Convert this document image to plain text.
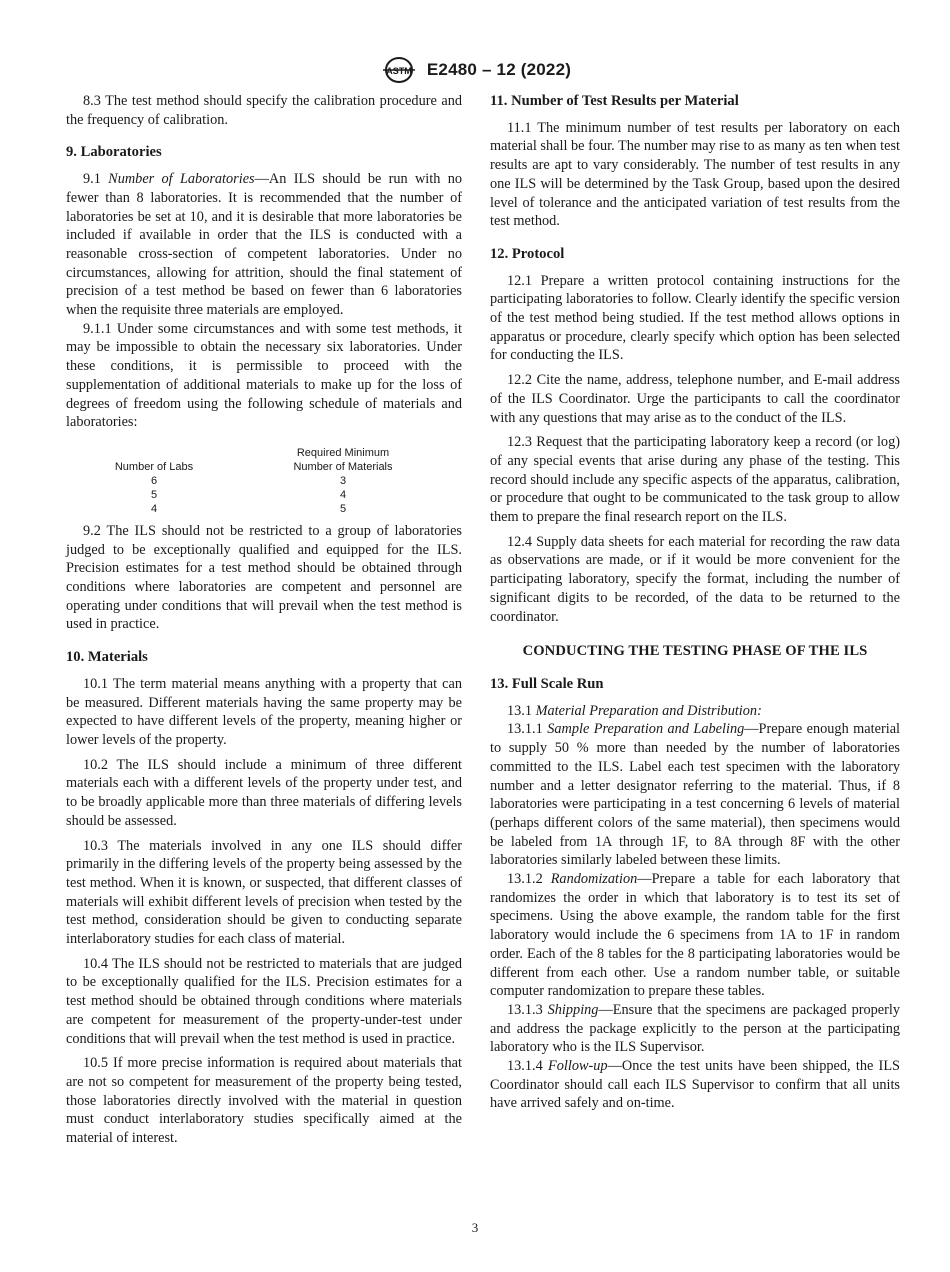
ASTM E2480 – 12 (2022)

8.3 The test method should specify the calibration procedure and the frequency of calibration.

9. Laboratories

9.1 Number of Laboratories—An ILS should be run with no fewer than 8 laboratories. It is recommended that the number of laboratories be set at 10, and it is desirable that more laboratories be included if available in order that the ILS is conducted with a reasonable cross-section of competent laboratories. Under no circumstances, allowing for attrition, should the final statement of precision of a test method be based on fewer than 6 laboratories when the requisite three materials are employed.

9.1.1 Under some circumstances and with some test methods, it may be impossible to obtain the necessary six laboratories. Under these conditions, it is permissible to proceed with the supplementation of additional materials to make up for the loss of degrees of freedom using the following schedule of materials and laboratories:

Number of Labs	Required Minimum
Number of Materials
6	3
5	4
4	5

9.2 The ILS should not be restricted to a group of laboratories judged to be exceptionally qualified and equipped for the ILS. Precision estimates for a test method should be obtained through conditions where laboratories are competent and personnel are operating under conditions that will prevail when the test method is used in practice.

10. Materials

10.1 The term material means anything with a property that can be measured. Different materials having the same property may be expected to have different levels of the property, meaning higher or lower levels of the property.

10.2 The ILS should include a minimum of three different materials each with a different levels of the property under test, and to be broadly applicable more than three materials of differing levels should be assessed.

10.3 The materials involved in any one ILS should differ primarily in the differing levels of the property being assessed by the test method. When it is known, or suspected, that different classes of materials will exhibit different levels of precision when tested by the test method, consideration should be given to conducting separate interlaboratory studies for each class of material.

10.4 The ILS should not be restricted to materials that are judged to be exceptionally qualified for the ILS. Precision estimates for a test method should be obtained through conditions where materials are competent for measurement of the property-under-test under conditions that will prevail when the test method is used in practice.

10.5 If more precise information is required about materials that are not so competent for measurement of the property being tested, those laboratories directly involved with the material in question must conduct interlaboratory studies specifically aimed at the material of interest.

11. Number of Test Results per Material

11.1 The minimum number of test results per laboratory on each material shall be four. The number may rise to as many as ten when test results are apt to vary considerably. The number of test results in any one ILS will be determined by the Task Group, based upon the desired level of tolerance and the anticipated variation of test results from the test method.

12. Protocol

12.1 Prepare a written protocol containing instructions for the participating laboratories to follow. Clearly identify the specific version of the test method being studied. If the test method allows options in apparatus or procedure, clearly specify which option has been selected for conducting the ILS.

12.2 Cite the name, address, telephone number, and E-mail address of the ILS Coordinator. Urge the participants to call the coordinator with any questions that may arise as to the conduct of the ILS.

12.3 Request that the participating laboratory keep a record (or log) of any special events that arise during any phase of the testing. This record should include any specific aspects of the apparatus, calibration, or procedure that ought to be communicated to the task group to allow them to prepare the final research report on the ILS.

12.4 Supply data sheets for each material for recording the raw data as observations are made, or if it would be more convenient for the participating laboratory, specify the format, including the number of significant digits to be recorded, of the data to be returned to the coordinator.

CONDUCTING THE TESTING PHASE OF THE ILS
13. Full Scale Run

13.1 Material Preparation and Distribution:

13.1.1 Sample Preparation and Labeling—Prepare enough material to supply 50 % more than needed by the number of laboratories committed to the ILS. Label each test specimen with the laboratory number and a letter designator referring to the material. Thus, if 8 laboratories were participating in a test concerning 6 levels of material (perhaps different colors of the same material), then specimens would be labeled from 1A through 1F, to 8A through 8F with the other laboratories similarly labeled between these limits.

13.1.2 Randomization—Prepare a table for each laboratory that randomizes the order in which that laboratory is to test its set of specimens. Using the above example, the random table for the first laboratory would include the 6 specimens from 1A to 1F in random order. Each of the 8 tables for the 8 participating laboratories would be different from each other. Use a random number table, or suitable computer randomization to prepare these tables.

13.1.3 Shipping—Ensure that the specimens are packaged properly and address the package explicitly to the person at the participating laboratory who is the ILS Supervisor.

13.1.4 Follow-up—Once the test units have been shipped, the ILS Coordinator should call each ILS Supervisor to confirm that all units have arrived safely and on-time.

3
